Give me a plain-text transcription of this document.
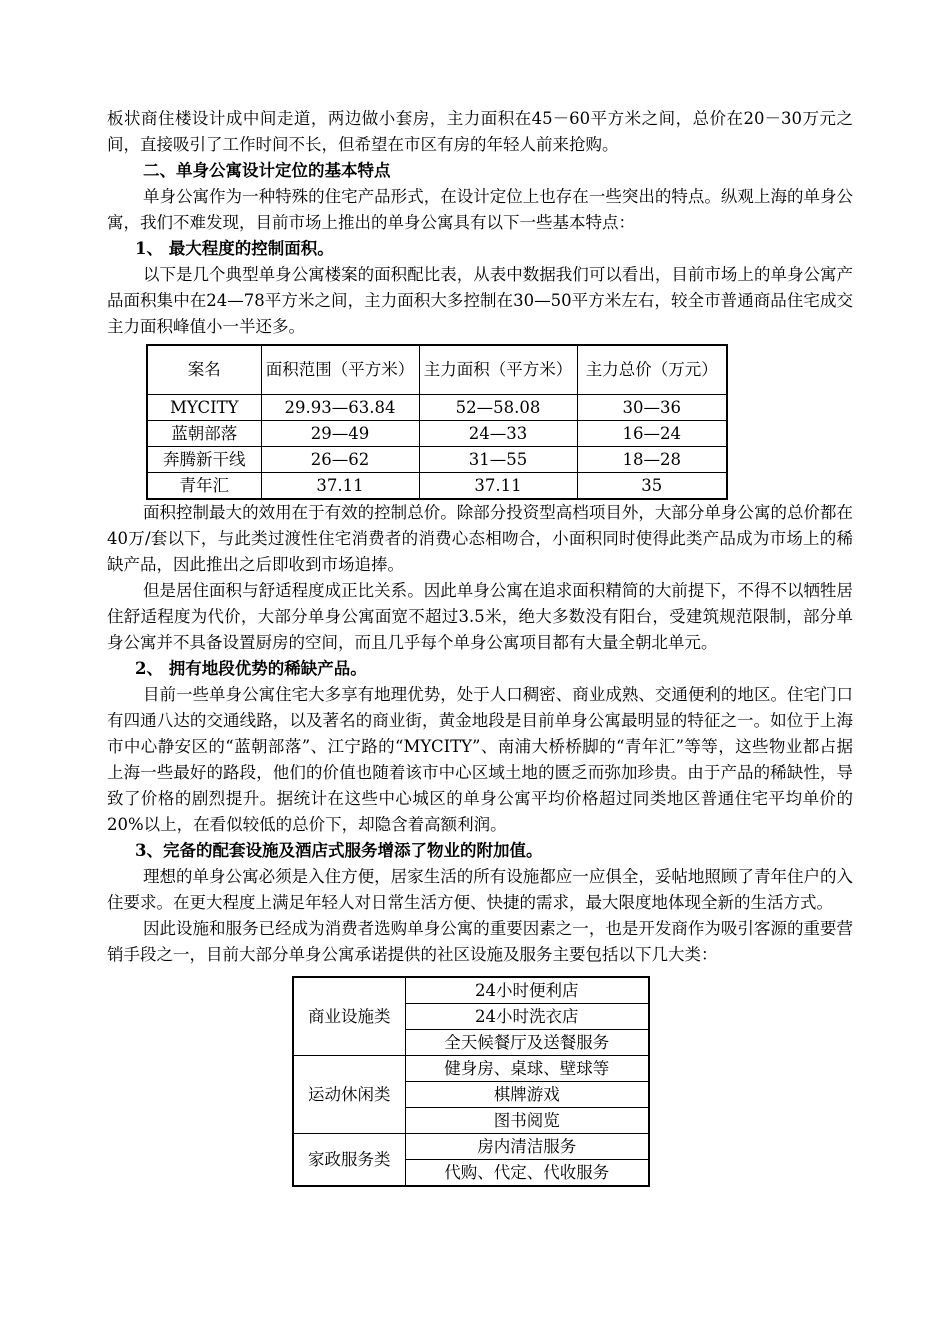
板状商住楼设计成中间走道，两边做小套房，主力面积在45－60平方米之间，总价在20－30万元之间，直接吸引了工作时间不长，但希望在市区有房的年轻人前来抢购。

二、单身公寓设计定位的基本特点

单身公寓作为一种特殊的住宅产品形式，在设计定位上也存在一些突出的特点。纵观上海的单身公寓，我们不难发现，目前市场上推出的单身公寓具有以下一些基本特点：

1、 最大程度的控制面积。

以下是几个典型单身公寓楼案的面积配比表，从表中数据我们可以看出，目前市场上的单身公寓产品面积集中在24—78平方米之间，主力面积大多控制在30—50平方米左右，较全市普通商品住宅成交主力面积峰值小一半还多。

案名	面积范围（平方米）	主力面积（平方米）	主力总价（万元）
MYCITY	29.93—63.84	52—58.08	30—36
蓝朝部落	29—49	24—33	16—24
奔腾新干线	26—62	31—55	18—28
青年汇	37.11	37.11	35

面积控制最大的效用在于有效的控制总价。除部分投资型高档项目外，大部分单身公寓的总价都在40万/套以下，与此类过渡性住宅消费者的消费心态相吻合，小面积同时使得此类产品成为市场上的稀缺产品，因此推出之后即收到市场追捧。

但是居住面积与舒适程度成正比关系。因此单身公寓在追求面积精简的大前提下，不得不以牺牲居住舒适程度为代价，大部分单身公寓面宽不超过3.5米，绝大多数没有阳台，受建筑规范限制，部分单身公寓并不具备设置厨房的空间，而且几乎每个单身公寓项目都有大量全朝北单元。

2、 拥有地段优势的稀缺产品。

目前一些单身公寓住宅大多享有地理优势，处于人口稠密、商业成熟、交通便利的地区。住宅门口有四通八达的交通线路，以及著名的商业街，黄金地段是目前单身公寓最明显的特征之一。如位于上海市中心静安区的“蓝朝部落”、江宁路的“MYCITY”、南浦大桥桥脚的“青年汇”等等，这些物业都占据上海一些最好的路段，他们的价值也随着该市中心区域土地的匮乏而弥加珍贵。由于产品的稀缺性，导致了价格的剧烈提升。据统计在这些中心城区的单身公寓平均价格超过同类地区普通住宅平均单价的20%以上，在看似较低的总价下，却隐含着高额利润。

3、完备的配套设施及酒店式服务增添了物业的附加值。

理想的单身公寓必须是入住方便，居家生活的所有设施都应一应俱全，妥帖地照顾了青年住户的入住要求。在更大程度上满足年轻人对日常生活方便、快捷的需求，最大限度地体现全新的生活方式。

因此设施和服务已经成为消费者选购单身公寓的重要因素之一，也是开发商作为吸引客源的重要营销手段之一，目前大部分单身公寓承诺提供的社区设施及服务主要包括以下几大类：

商业设施类	24小时便利店
	24小时洗衣店
	全天候餐厅及送餐服务
运动休闲类	健身房、桌球、壁球等
	棋牌游戏
	图书阅览
家政服务类	房内清洁服务
	代购、代定、代收服务
